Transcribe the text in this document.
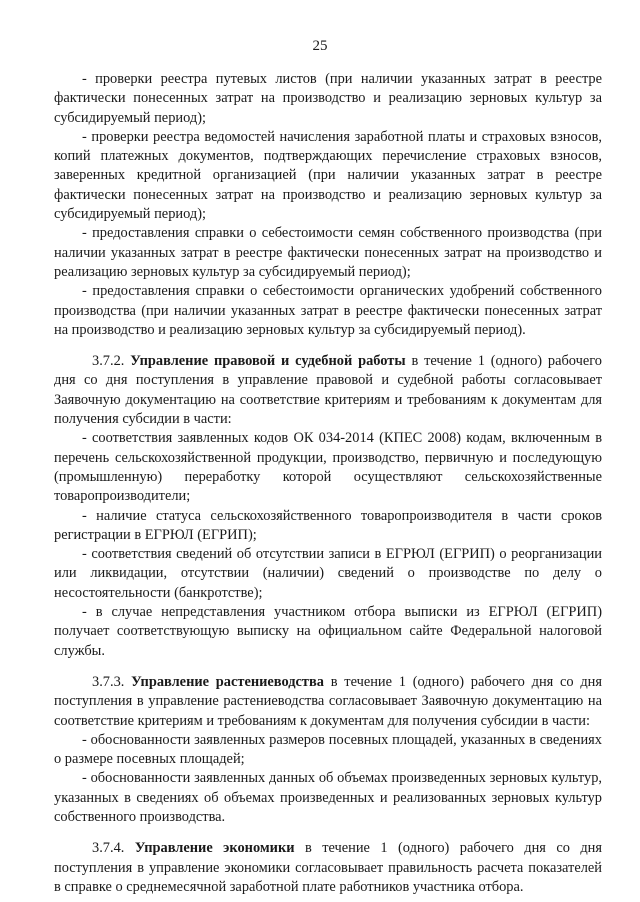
25

- проверки реестра путевых листов (при наличии указанных затрат в реестре фактически понесенных затрат на производство и реализацию зерновых культур за субсидируемый период);

- проверки реестра ведомостей начисления заработной платы и страховых взносов, копий платежных документов, подтверждающих перечисление страховых взносов, заверенных кредитной организацией (при наличии указанных затрат в реестре фактически понесенных затрат на производство и реализацию зерновых культур за субсидируемый период);

- предоставления справки о себестоимости семян собственного производства (при наличии указанных затрат в реестре фактически понесенных затрат на производство и реализацию зерновых культур за субсидируемый период);

- предоставления справки о себестоимости органических удобрений собственного производства (при наличии указанных затрат в реестре фактически понесенных затрат на производство и реализацию зерновых культур за субсидируемый период).

3.7.2. Управление правовой и судебной работы в течение 1 (одного) рабочего дня со дня поступления в управление правовой и судебной работы согласовывает Заявочную документацию на соответствие критериям и требованиям к документам для получения субсидии в части:

- соответствия заявленных кодов ОК 034-2014 (КПЕС 2008) кодам, включенным в перечень сельскохозяйственной продукции, производство, первичную и последующую (промышленную) переработку которой осуществляют сельскохозяйственные товаропроизводители;

- наличие статуса сельскохозяйственного товаропроизводителя в части сроков регистрации в ЕГРЮЛ (ЕГРИП);

- соответствия сведений об отсутствии записи в ЕГРЮЛ (ЕГРИП) о реорганизации или ликвидации, отсутствии (наличии) сведений о производстве по делу о несостоятельности (банкротстве);

- в случае непредставления участником отбора выписки из ЕГРЮЛ (ЕГРИП) получает соответствующую выписку на официальном сайте Федеральной налоговой службы.

3.7.3. Управление растениеводства в течение 1 (одного) рабочего дня со дня поступления в управление растениеводства согласовывает Заявочную документацию на соответствие критериям и требованиям к документам для получения субсидии в части:

- обоснованности заявленных размеров посевных площадей, указанных в сведениях о размере посевных площадей;

- обоснованности заявленных данных об объемах произведенных зерновых культур, указанных в сведениях об объемах произведенных и реализованных зерновых культур собственного производства.

3.7.4. Управление экономики в течение 1 (одного) рабочего дня со дня поступления в управление экономики согласовывает правильность расчета показателей в справке о среднемесячной заработной плате работников участника отбора.
